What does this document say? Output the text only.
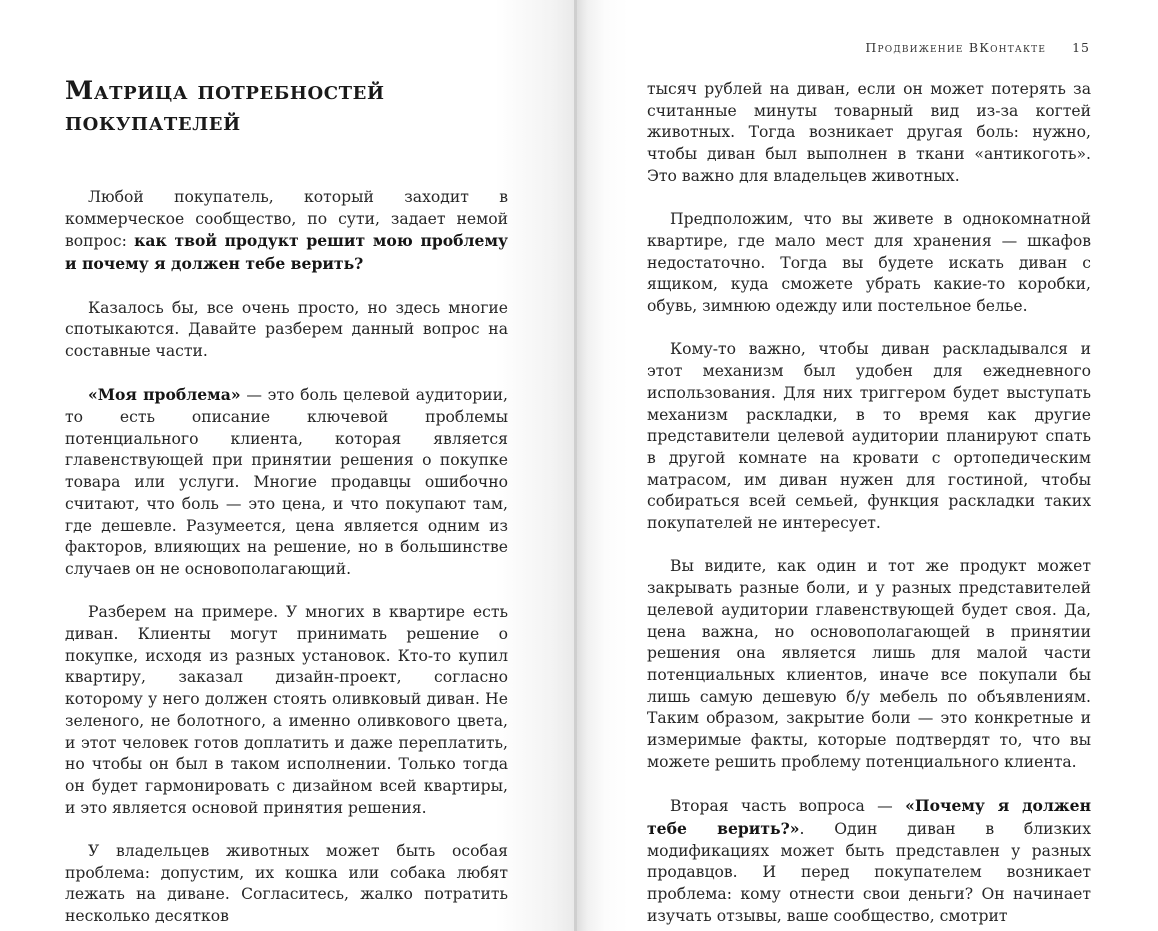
Матрица потребностей покупателей

Любой покупатель, который заходит в коммерческое сообщество, по сути, задает немой вопрос: как твой продукт решит мою проблему и почему я должен тебе верить?

Казалось бы, все очень просто, но здесь многие спотыкаются. Давайте разберем данный вопрос на составные части.

«Моя проблема» — это боль целевой аудитории, то есть описание ключевой проблемы потенциального клиента, которая является главенствующей при принятии решения о покупке товара или услуги. Многие продавцы ошибочно считают, что боль — это цена, и что покупают там, где дешевле. Разумеется, цена является одним из факторов, влияющих на решение, но в большинстве случаев он не основополагающий.

Разберем на примере. У многих в квартире есть диван. Клиенты могут принимать решение о покупке, исходя из разных установок. Кто-то купил квартиру, заказал дизайн-проект, согласно которому у него должен стоять оливковый диван. Не зеленого, не болотного, а именно оливкового цвета, и этот человек готов доплатить и даже переплатить, но чтобы он был в таком исполнении. Только тогда он будет гармонировать с дизайном всей квартиры, и это является основой принятия решения.

У владельцев животных может быть особая проблема: допустим, их кошка или собака любят лежать на диване. Согласитесь, жалко потратить несколько десятков

Продвижение ВКонтакте 15

тысяч рублей на диван, если он может потерять за считанные минуты товарный вид из-за когтей животных. Тогда возникает другая боль: нужно, чтобы диван был выполнен в ткани «антикоготь». Это важно для владельцев животных.

Предположим, что вы живете в однокомнатной квартире, где мало мест для хранения — шкафов недостаточно. Тогда вы будете искать диван с ящиком, куда сможете убрать какие-то коробки, обувь, зимнюю одежду или постельное белье.

Кому-то важно, чтобы диван раскладывался и этот механизм был удобен для ежедневного использования. Для них триггером будет выступать механизм раскладки, в то время как другие представители целевой аудитории планируют спать в другой комнате на кровати с ортопедическим матрасом, им диван нужен для гостиной, чтобы собираться всей семьей, функция раскладки таких покупателей не интересует.

Вы видите, как один и тот же продукт может закрывать разные боли, и у разных представителей целевой аудитории главенствующей будет своя. Да, цена важна, но основополагающей в принятии решения она является лишь для малой части потенциальных клиентов, иначе все покупали бы лишь самую дешевую б/у мебель по объявлениям. Таким образом, закрытие боли — это конкретные и измеримые факты, которые подтвердят то, что вы можете решить проблему потенциального клиента.

Вторая часть вопроса — «Почему я должен тебе верить?». Один диван в близких модификациях может быть представлен у разных продавцов. И перед покупателем возникает проблема: кому отнести свои деньги? Он начинает изучать отзывы, ваше сообщество, смотрит
